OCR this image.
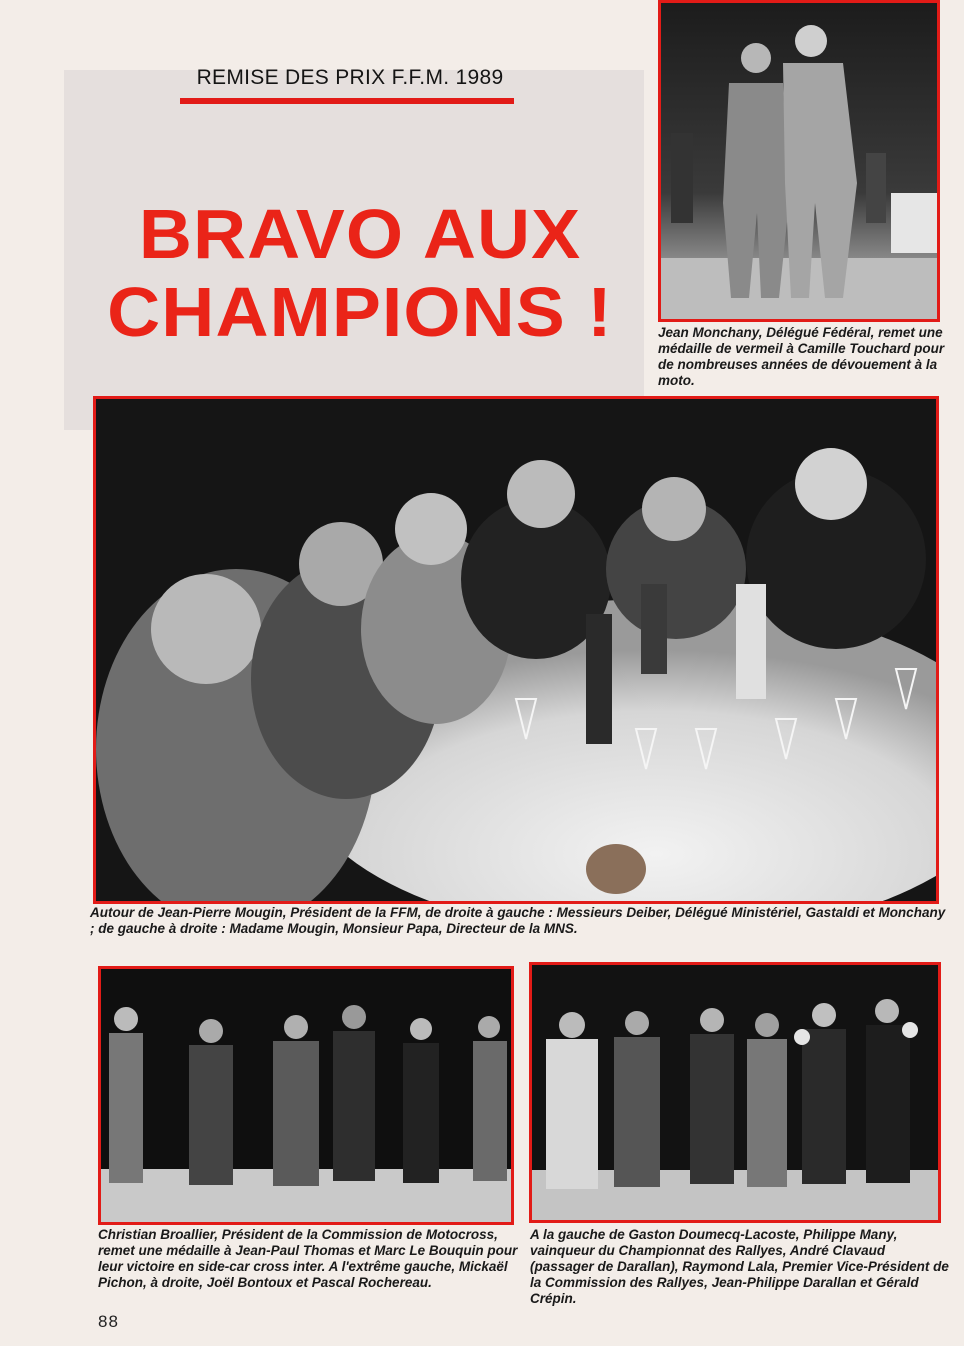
REMISE DES PRIX F.F.M. 1989
BRAVO AUX
CHAMPIONS !	Jean Monchany, Délégué Fédéral, remet une médaille de vermeil à Camille Touchard pour de nombreuses années de dévouement à la moto.
Autour de Jean-Pierre Mougin, Président de la FFM, de droite à gauche : Messieurs Deiber, Délégué Ministériel, Gastaldi et Monchany ; de gauche à droite : Madame Mougin, Monsieur Papa, Directeur de la MNS.
Christian Broallier, Président de la Commission de Motocross, remet une médaille à Jean-Paul Thomas et Marc Le Bouquin pour leur victoire en side-car cross inter. A l'extrême gauche, Mickaël Pichon, à droite, Joël Bontoux et Pascal Rochereau.
A la gauche de Gaston Doumecq-Lacoste, Philippe Many, vainqueur du Championnat des Rallyes, André Clavaud (passager de Darallan), Raymond Lala, Premier Vice-Président de la Commission des Rallyes, Jean-Philippe Darallan et Gérald Crépin.
88
